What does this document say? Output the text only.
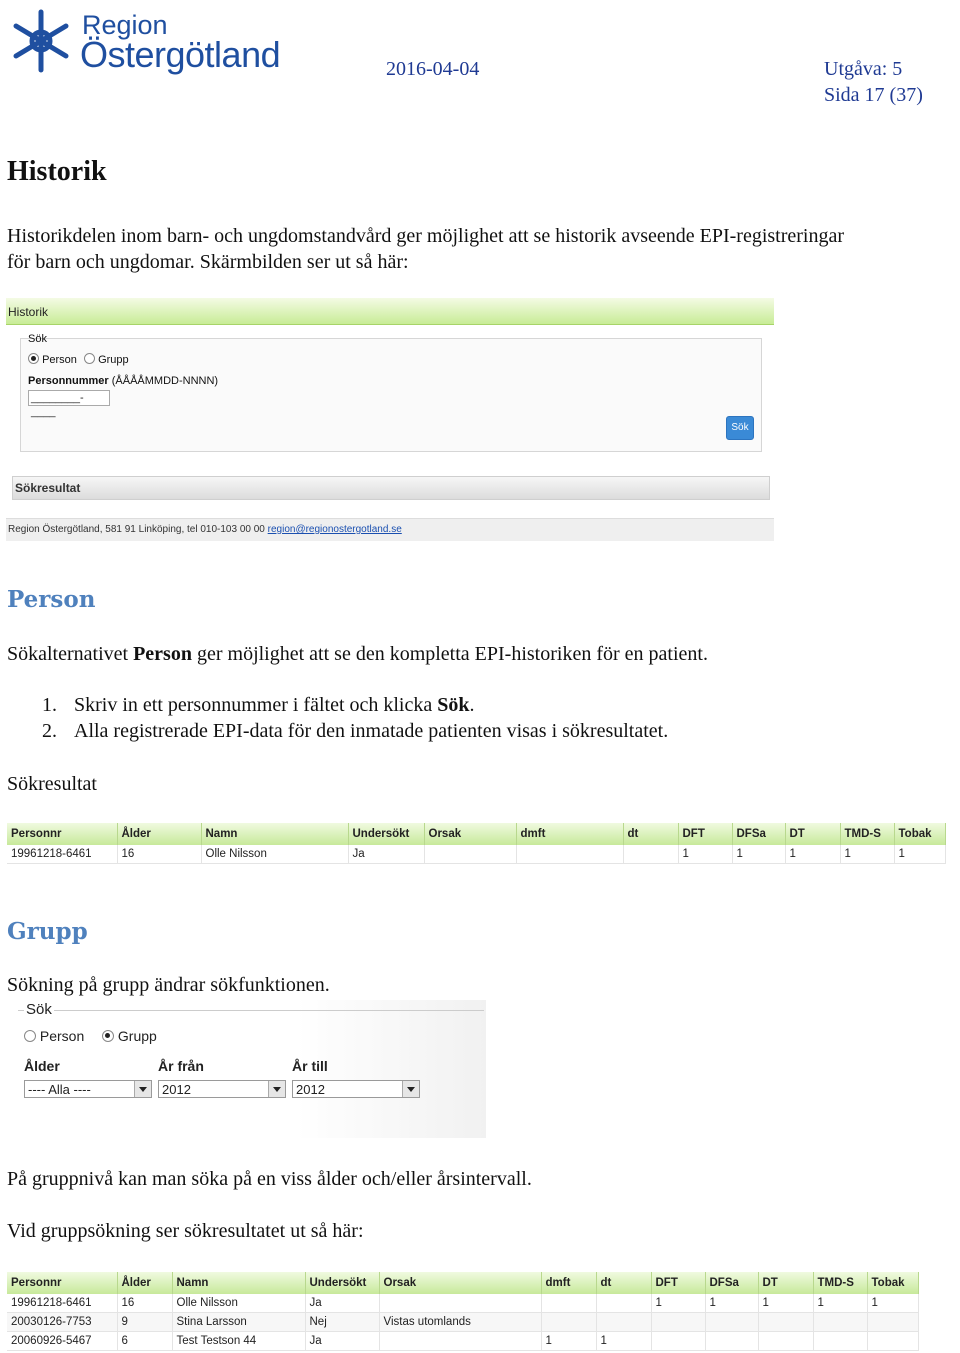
Region
Östergötland	2016-04-04	Utgåva: 5
Sida 17 (37)
Historik
Historikdelen inom barn- och ungdomstandvård ger möjlighet att se historik avseende EPI-registreringar
för barn och ungdomar. Skärmbilden ser ut så här:
Historik
Sök
Person	Grupp
Personnummer (ÅÅÅÅMMDD-NNNN)
________-____
Sök
Sökresultat
Region Östergötland, 581 91 Linköping, tel 010-103 00 00 region@regionostergotland.se
Person
Sökalternativet Person ger möjlighet att se den kompletta EPI-historiken för en patient.
1. Skriv in ett personnummer i fältet och klicka Sök.
2. Alla registrerade EPI-data för den inmatade patienten visas i sökresultatet.
Sökresultat
Personnr	Ålder	Namn	Undersökt	Orsak	dmft	dt	DFT	DFSa	DT	TMD-S	Tobak
19961218-6461	16	Olle Nilsson	Ja				1	1	1	1	1
Grupp
Sökning på grupp ändrar sökfunktionen.
Sök
Person	Grupp
Ålder	År från	År till
---- Alla ----	2012	2012
På gruppnivå kan man söka på en viss ålder och/eller årsintervall.
Vid gruppsökning ser sökresultatet ut så här:
Personnr	Ålder	Namn	Undersökt	Orsak	dmft	dt	DFT	DFSa	DT	TMD-S	Tobak
19961218-6461	16	Olle Nilsson	Ja				1	1	1	1	1
20030126-7753	9	Stina Larsson	Nej	Vistas utomlands							
20060926-5467	6	Test Testson 44	Ja		1	1					
